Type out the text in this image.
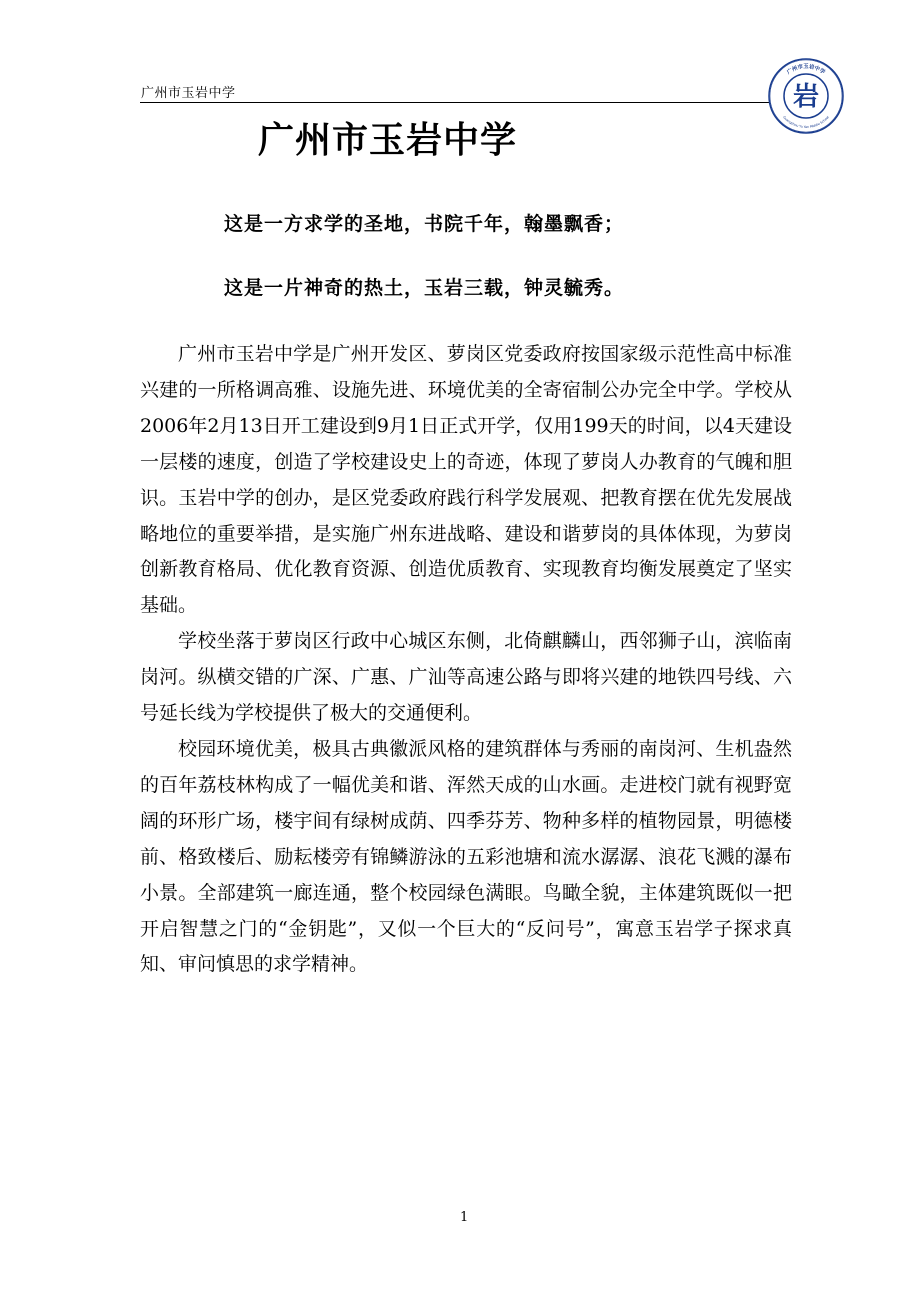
广州市玉岩中学
广州市玉岩中学
Guangzhou Yu Yan Middle School
岩
广州市玉岩中学
这是一方求学的圣地，书院千年，翰墨飘香；
这是一片神奇的热土，玉岩三载，钟灵毓秀。

广州市玉岩中学是广州开发区、萝岗区党委政府按国家级示范性高中标准兴建的一所格调高雅、设施先进、环境优美的全寄宿制公办完全中学。学校从2006年2月13日开工建设到9月1日正式开学，仅用199天的时间，以4天建设一层楼的速度，创造了学校建设史上的奇迹，体现了萝岗人办教育的气魄和胆识。玉岩中学的创办，是区党委政府践行科学发展观、把教育摆在优先发展战略地位的重要举措，是实施广州东进战略、建设和谐萝岗的具体体现，为萝岗创新教育格局、优化教育资源、创造优质教育、实现教育均衡发展奠定了坚实基础。

学校坐落于萝岗区行政中心城区东侧，北倚麒麟山，西邻狮子山，滨临南岗河。纵横交错的广深、广惠、广汕等高速公路与即将兴建的地铁四号线、六号延长线为学校提供了极大的交通便利。

校园环境优美，极具古典徽派风格的建筑群体与秀丽的南岗河、生机盎然的百年荔枝林构成了一幅优美和谐、浑然天成的山水画。走进校门就有视野宽阔的环形广场，楼宇间有绿树成荫、四季芬芳、物种多样的植物园景，明德楼前、格致楼后、励耘楼旁有锦鳞游泳的五彩池塘和流水潺潺、浪花飞溅的瀑布小景。全部建筑一廊连通，整个校园绿色满眼。鸟瞰全貌，主体建筑既似一把开启智慧之门的“金钥匙”，又似一个巨大的“反问号”，寓意玉岩学子探求真知、审问慎思的求学精神。

1
